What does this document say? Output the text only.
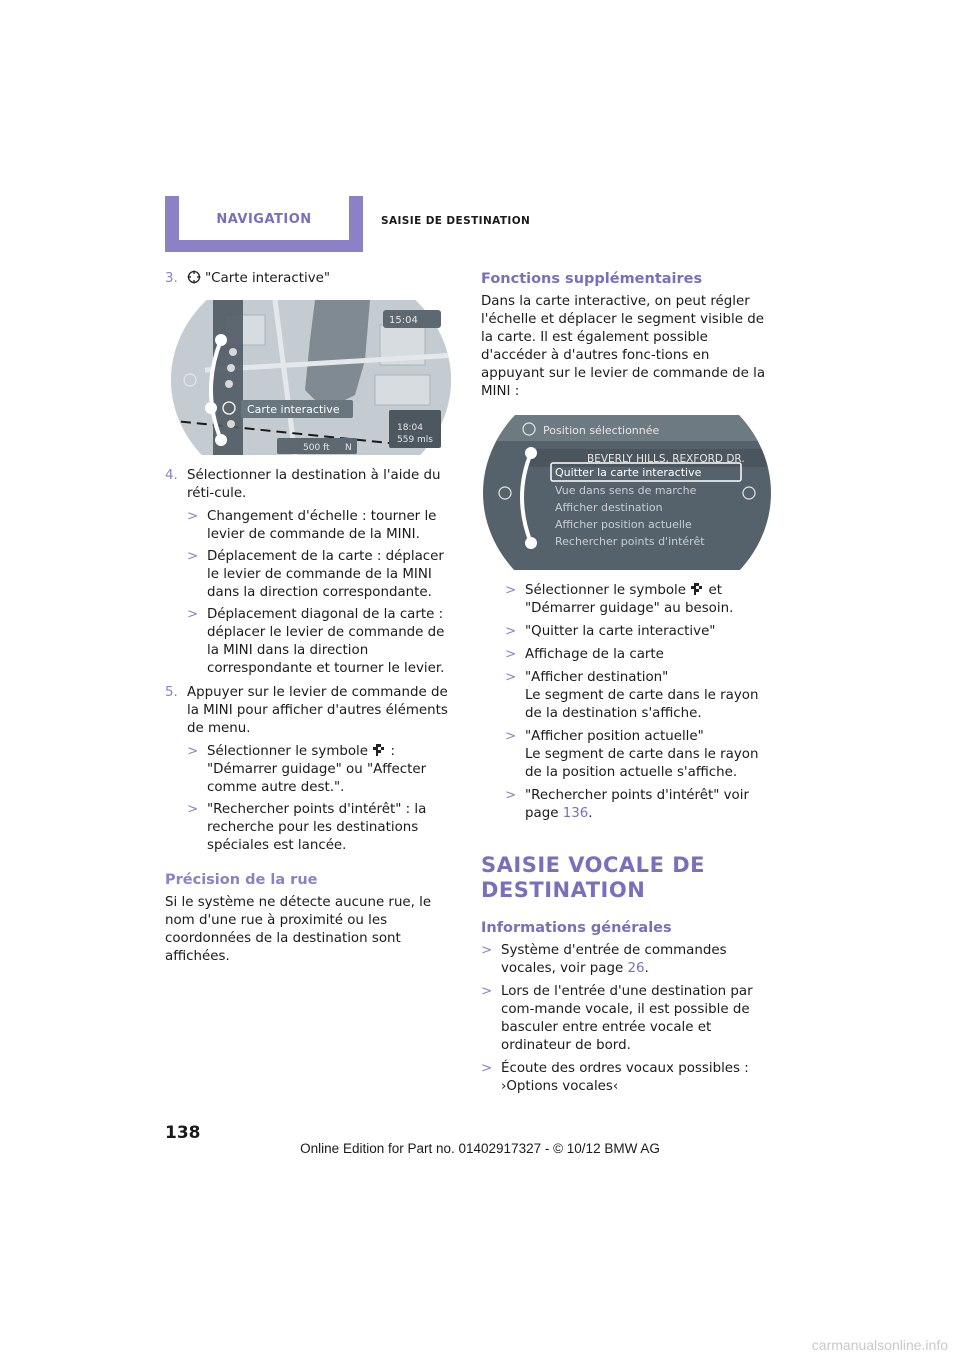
NAVIGATION	SAISIE DE DESTINATION
3.	"Carte interactive"
15:04
Carte interactive
500 ft N
18:04
559 mls
4. Sélectionner la destination à l'aide du réti-cule.
> Changement d'échelle : tourner le levier de commande de la MINI.
> Déplacement de la carte : déplacer le levier de commande de la MINI dans la direction correspondante.
> Déplacement diagonal de la carte : déplacer le levier de commande de la MINI dans la direction correspondante et tourner le levier.
5. Appuyer sur le levier de commande de la MINI pour afficher d'autres éléments de menu.
> Sélectionner le symbole : "Démarrer guidage" ou "Affecter comme autre dest.".
> "Rechercher points d'intérêt" : la recherche pour les destinations spéciales est lancée.

Précision de la rue

Si le système ne détecte aucune rue, le nom d'une rue à proximité ou les coordonnées de la destination sont affichées.

Fonctions supplémentaires

Dans la carte interactive, on peut régler l'échelle et déplacer le segment visible de la carte. Il est également possible d'accéder à d'autres fonc-tions en appuyant sur le levier de commande de la MINI :

Position sélectionnée
BEVERLY HILLS, REXFORD DR.
Quitter la carte interactive
Vue dans sens de marche
Afficher destination
Afficher position actuelle
Rechercher points d'intérêt
> Sélectionner le symbole et "Démarrer guidage" au besoin.
> "Quitter la carte interactive"
> Affichage de la carte
> "Afficher destination"
Le segment de carte dans le rayon de la destination s'affiche.
> "Afficher position actuelle"
Le segment de carte dans le rayon de la position actuelle s'affiche.
> "Rechercher points d'intérêt" voir
page 136.
SAISIE VOCALE DE DESTINATION

Informations générales

> Système d'entrée de commandes vocales, voir page 26.
> Lors de l'entrée d'une destination par com-mande vocale, il est possible de basculer entre entrée vocale et ordinateur de bord.
> Écoute des ordres vocaux possibles :
›Options vocales‹
138
Online Edition for Part no. 01402917327 - © 10/12 BMW AG
carmanualsonline.info
